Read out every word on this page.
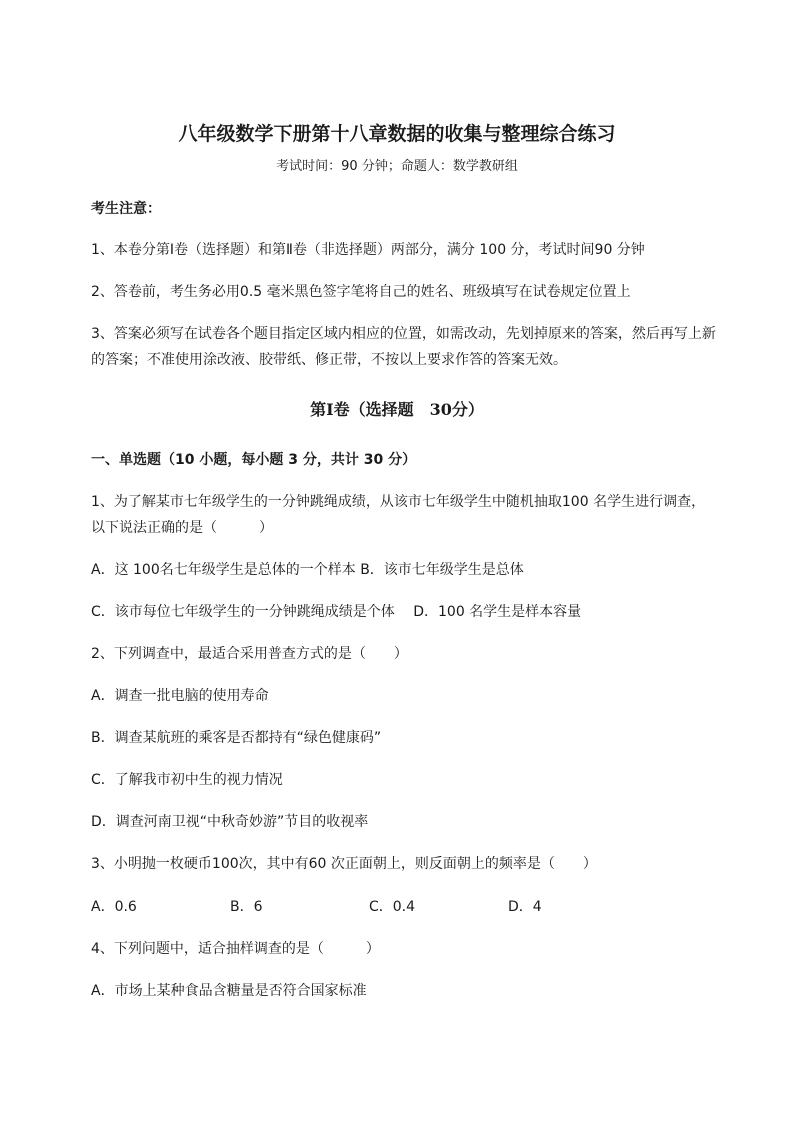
八年级数学下册第十八章数据的收集与整理综合练习
考试时间：90 分钟；命题人：数学教研组
考生注意：
1、本卷分第Ⅰ卷（选择题）和第Ⅱ卷（非选择题）两部分，满分 100 分，考试时间90 分钟
2、答卷前，考生务必用0.5 毫米黑色签字笔将自己的姓名、班级填写在试卷规定位置上
3、答案必须写在试卷各个题目指定区域内相应的位置，如需改动，先划掉原来的答案，然后再写上新
的答案；不准使用涂改液、胶带纸、修正带，不按以上要求作答的答案无效。
第Ⅰ卷（选择题　30分）
一、单选题（10 小题，每小题 3 分，共计 30 分）
1、为了解某市七年级学生的一分钟跳绳成绩，从该市七年级学生中随机抽取100 名学生进行调查，
以下说法正确的是（　　　）
A．这 100名七年级学生是总体的一个样本 B．该市七年级学生是总体
C．该市每位七年级学生的一分钟跳绳成绩是个体　 D．100 名学生是样本容量
2、下列调查中，最适合采用普查方式的是（　　）
A．调查一批电脑的使用寿命
B．调查某航班的乘客是否都持有“绿色健康码”
C．了解我市初中生的视力情况
D．调查河南卫视“中秋奇妙游”节目的收视率
3、小明抛一枚硬币100次，其中有60 次正面朝上，则反面朝上的频率是（　　）
A．0.6	B．6	C．0.4	D．4
4、下列问题中，适合抽样调查的是（　　　）
A．市场上某种食品含糖量是否符合国家标准
